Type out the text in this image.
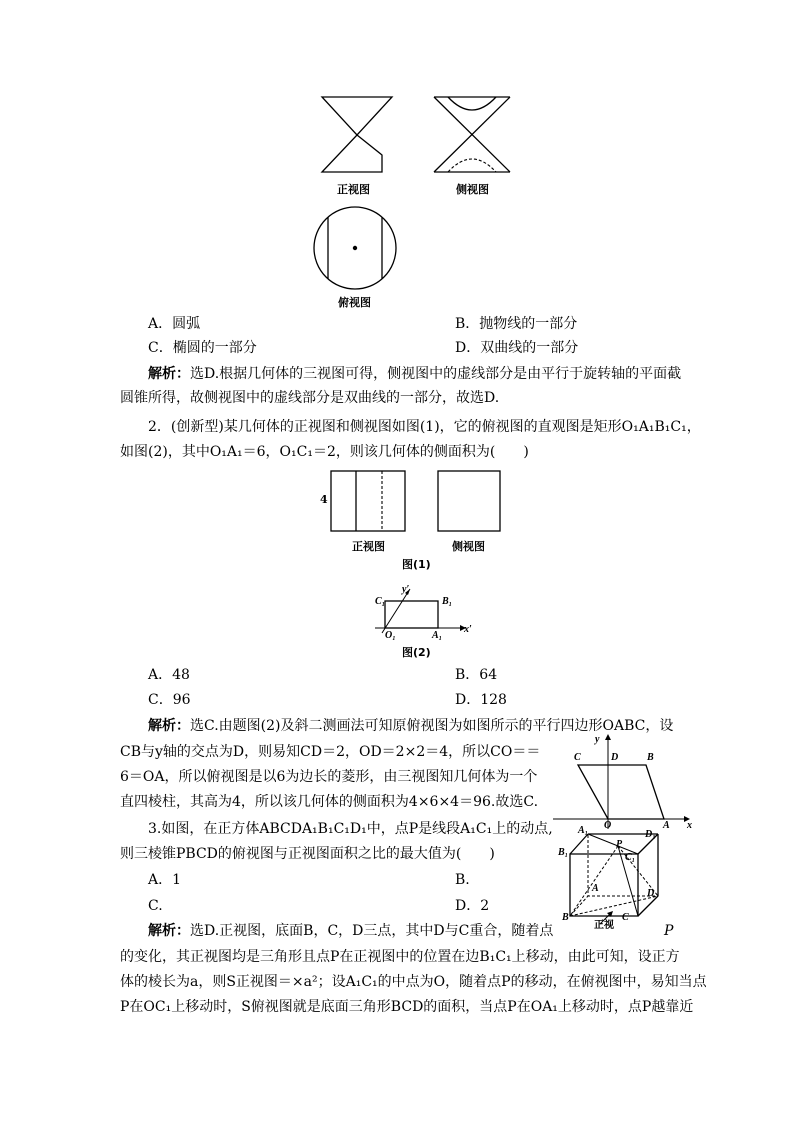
正视图	侧视图
俯视图
A．圆弧	B．抛物线的一部分
C．椭圆的一部分	D．双曲线的一部分
解析：选D.根据几何体的三视图可得，侧视图中的虚线部分是由平行于旋转轴的平面截
圆锥所得，故侧视图中的虚线部分是双曲线的一部分，故选D.
2．(创新型)某几何体的正视图和侧视图如图(1)，它的俯视图的直观图是矩形O₁A₁B₁C₁，
如图(2)，其中O₁A₁＝6，O₁C₁＝2，则该几何体的侧面积为(　　)
4
正视图	侧视图
图(1)
C₁	B₁
y′
O₁	A₁
x′
图(2)
A．48	B．64
C．96	D．128
解析：选C.由题图(2)及斜二测画法可知原俯视图为如图所示的平行四边形OABC，设
CB与y轴的交点为D，则易知CD＝2，OD＝2×2＝4，所以CO＝＝
6＝OA，所以俯视图是以6为边长的菱形，由三视图知几何体为一个
直四棱柱，其高为4，所以该几何体的侧面积为4×6×4＝96.故选C.
y
C	D	B
O	A x
3.如图，在正方体ABCDA₁B₁C₁D₁中，点P是线段A₁C₁上的动点,
则三棱锥PBCD的俯视图与正视图面积之比的最大值为(　　)
A．1	B.
C.	D．2
A₁	D₁
B₁
P
C₁
A	D
B	C
正视
解析：选D.正视图，底面B，C，D三点，其中D与C重合，随着点	P
的变化，其正视图均是三角形且点P在正视图中的位置在边B₁C₁上移动，由此可知，设正方
体的棱长为a，则S正视图＝×a²；设A₁C₁的中点为O，随着点P的移动，在俯视图中，易知当点
P在OC₁上移动时，S俯视图就是底面三角形BCD的面积，当点P在OA₁上移动时，点P越靠近
